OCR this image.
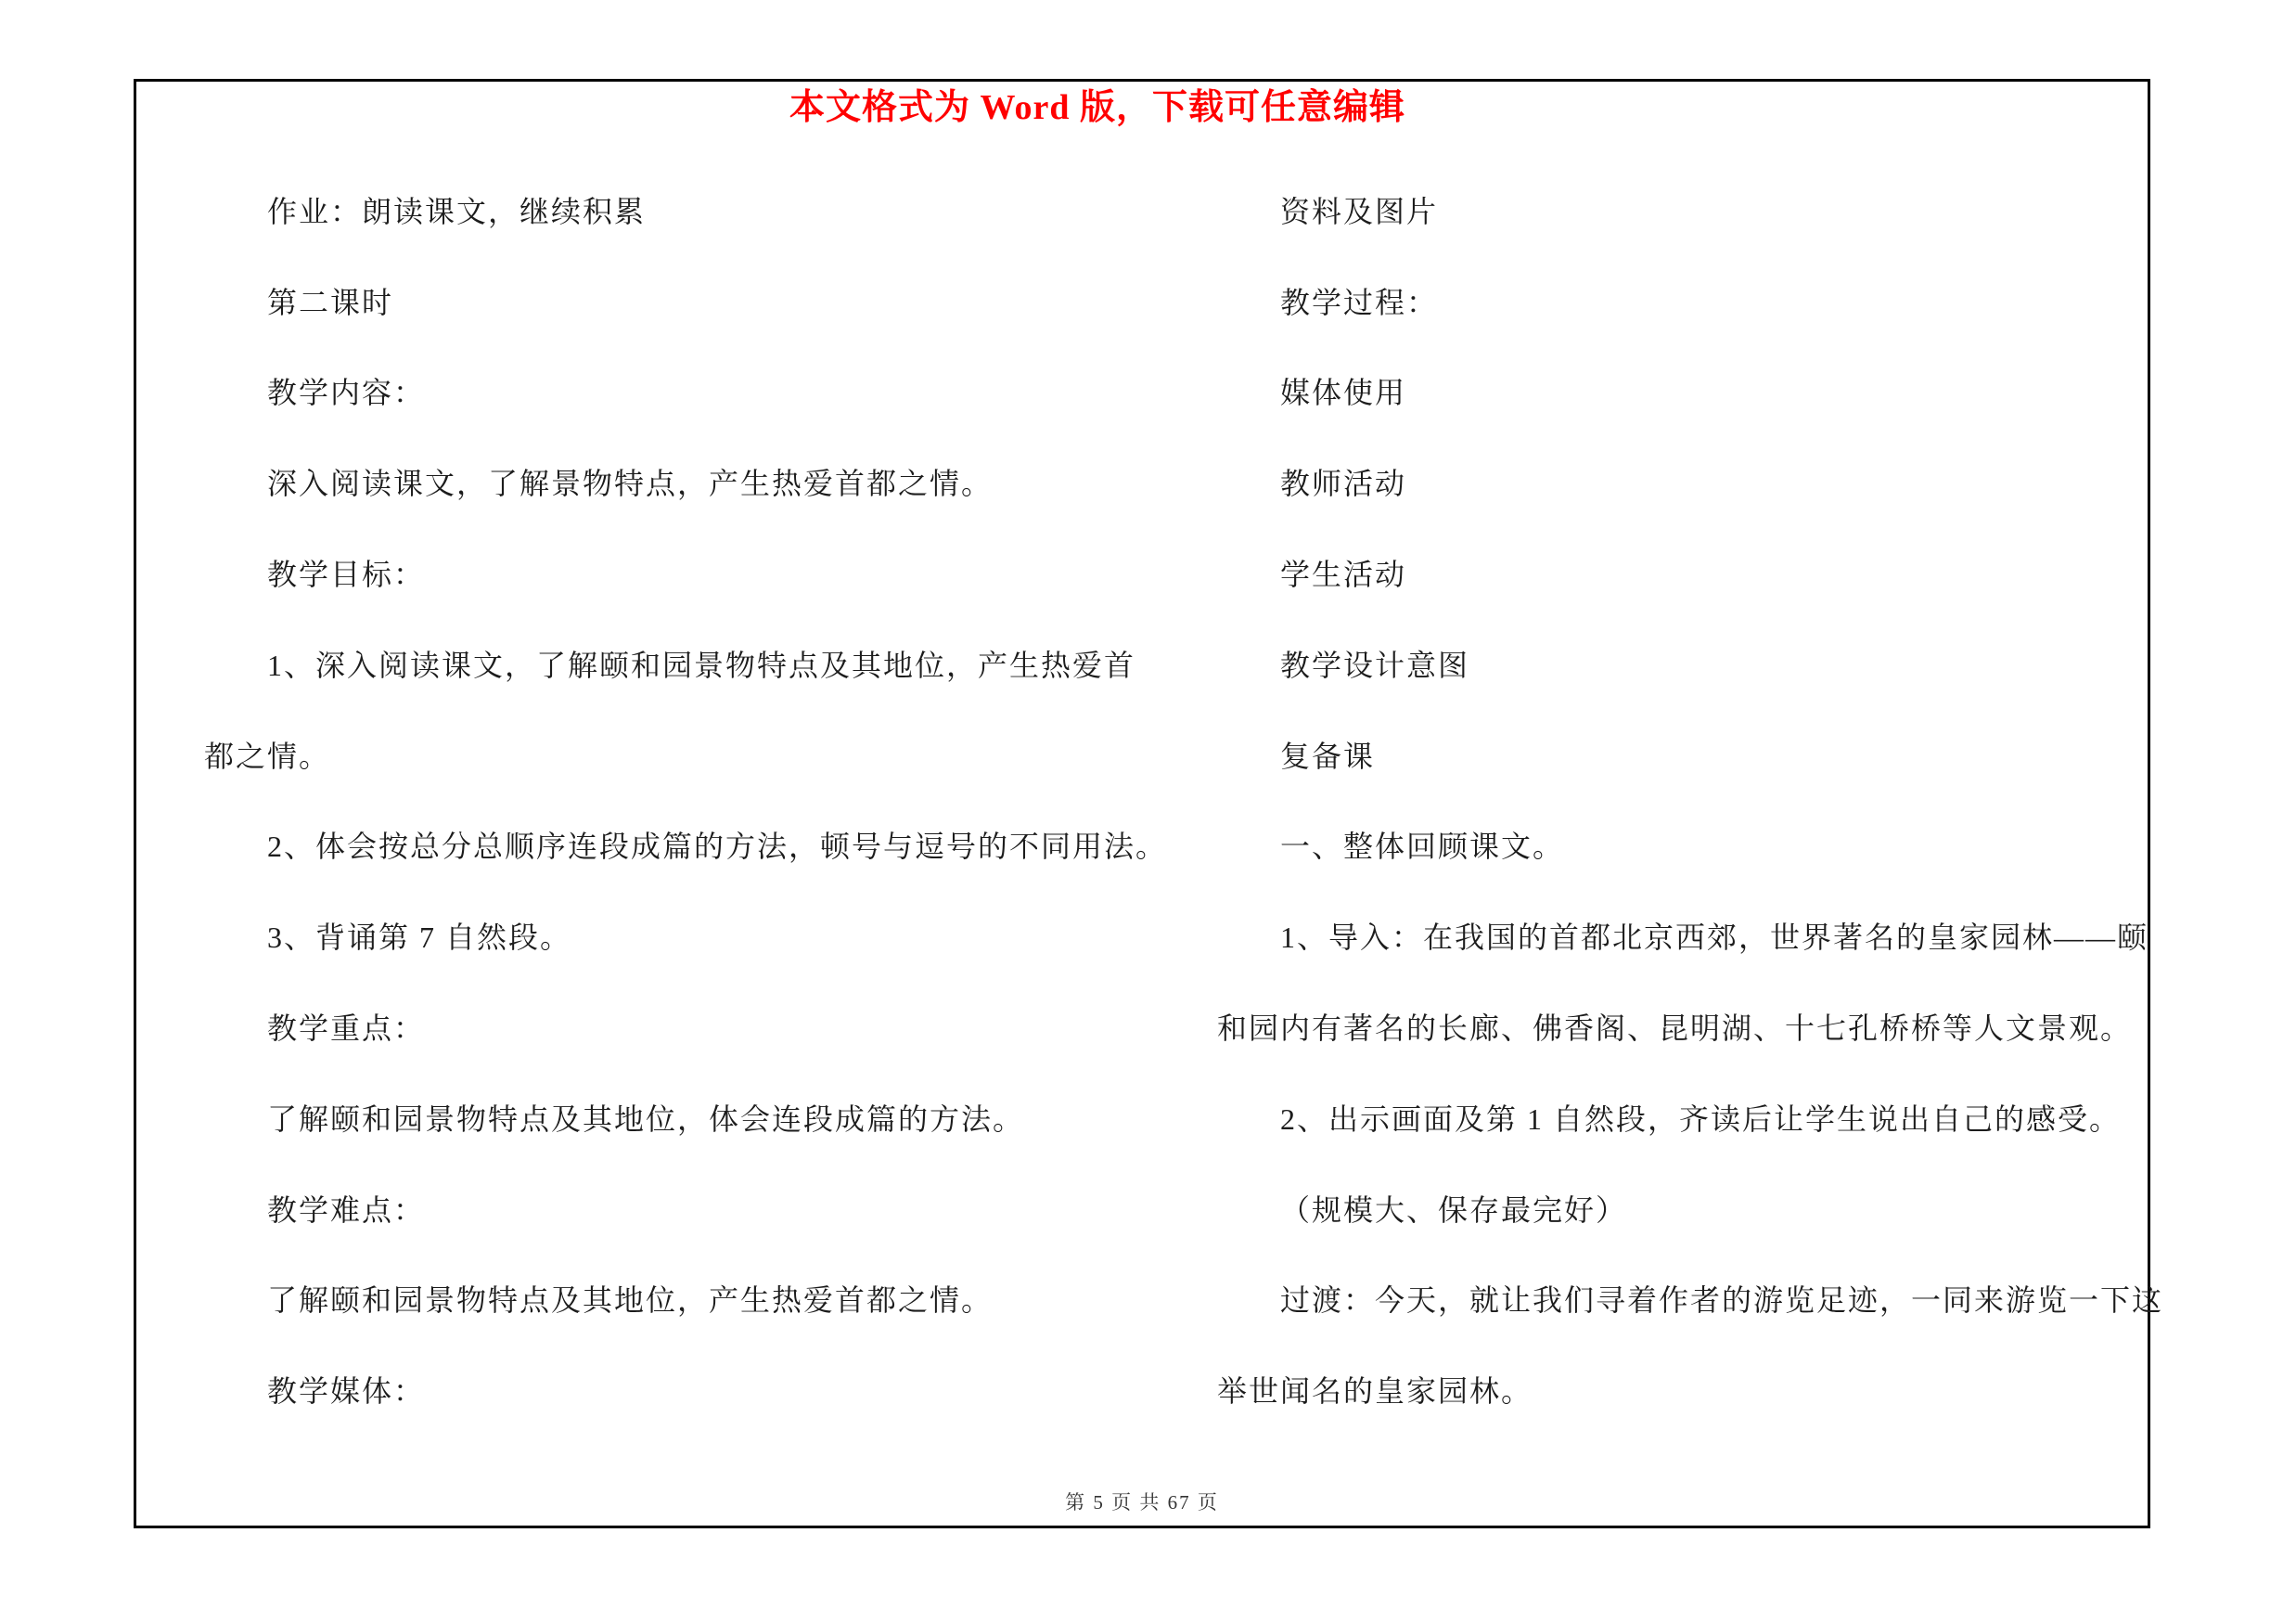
本文格式为 Word 版，下载可任意编辑
作业：朗读课文，继续积累
第二课时
教学内容：
深入阅读课文，了解景物特点，产生热爱首都之情。
教学目标：
1、深入阅读课文，了解颐和园景物特点及其地位，产生热爱首
都之情。
2、体会按总分总顺序连段成篇的方法，顿号与逗号的不同用法。
3、背诵第 7 自然段。
教学重点：
了解颐和园景物特点及其地位，体会连段成篇的方法。
教学难点：
了解颐和园景物特点及其地位，产生热爱首都之情。
教学媒体：
资料及图片
教学过程：
媒体使用
教师活动
学生活动
教学设计意图
复备课
一、整体回顾课文。
1、导入：在我国的首都北京西郊，世界著名的皇家园林——颐
和园内有著名的长廊、佛香阁、昆明湖、十七孔桥桥等人文景观。
2、出示画面及第 1 自然段，齐读后让学生说出自己的感受。
（规模大、保存最完好）
过渡：今天，就让我们寻着作者的游览足迹，一同来游览一下这
举世闻名的皇家园林。
第 5 页 共 67 页
